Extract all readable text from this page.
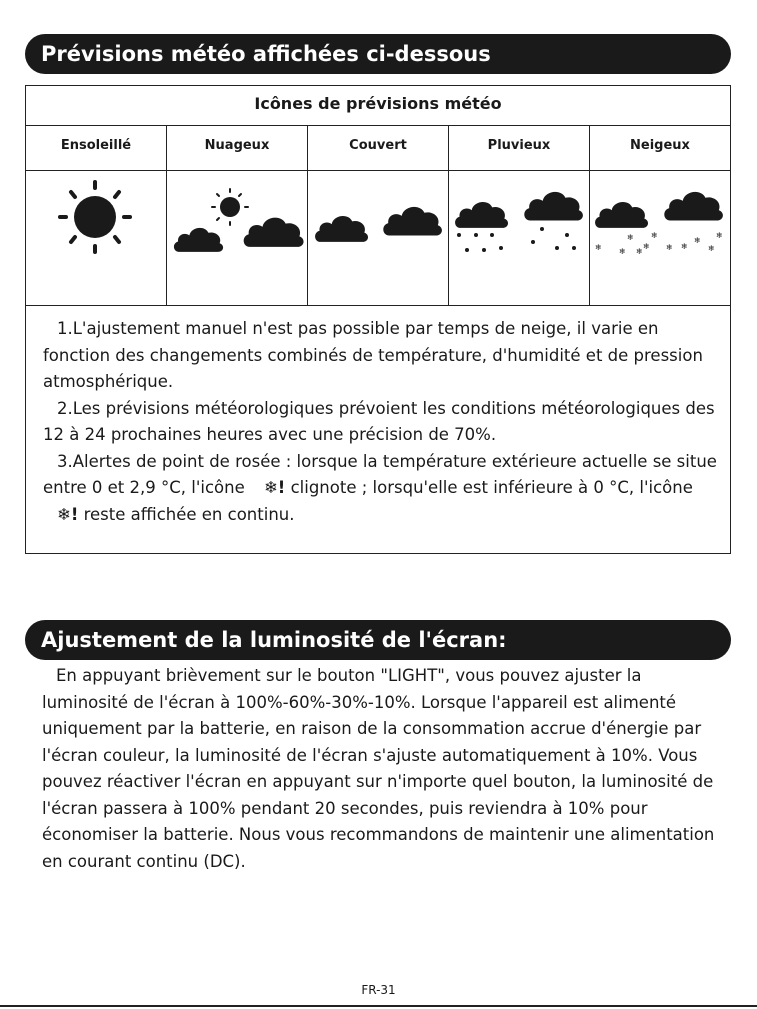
Prévisions météo affichées ci-dessous
Icônes de prévisions météo
Ensoleillé	Nuageux	Couvert	Pluvieux	Neigeux
❄ ❄
❄ ❄ ❄
❄ ❄ ❄
❄
❄
❄

1.L'ajustement manuel n'est pas possible par temps de neige, il varie en fonction des changements combinés de température, d'humidité et de pression atmosphérique.

2.Les prévisions météorologiques prévoient les conditions météorologiques des 12 à 24 prochaines heures avec une précision de 70%.

3.Alertes de point de rosée : lorsque la température extérieure actuelle se situe entre 0 et 2,9 °C, l'icône ❄! clignote ; lorsqu'elle est inférieure à 0 °C, l'icône ❄! reste affichée en continu.

Ajustement de la luminosité de l'écran:

En appuyant brièvement sur le bouton "LIGHT", vous pouvez ajuster la luminosité de l'écran à 100%-60%-30%-10%. Lorsque l'appareil est alimenté uniquement par la batterie, en raison de la consommation accrue d'énergie par l'écran couleur, la luminosité de l'écran s'ajuste automatiquement à 10%. Vous pouvez réactiver l'écran en appuyant sur n'importe quel bouton, la luminosité de l'écran passera à 100% pendant 20 secondes, puis reviendra à 10% pour économiser la batterie. Nous vous recommandons de maintenir une alimentation en courant continu (DC).

FR-31
